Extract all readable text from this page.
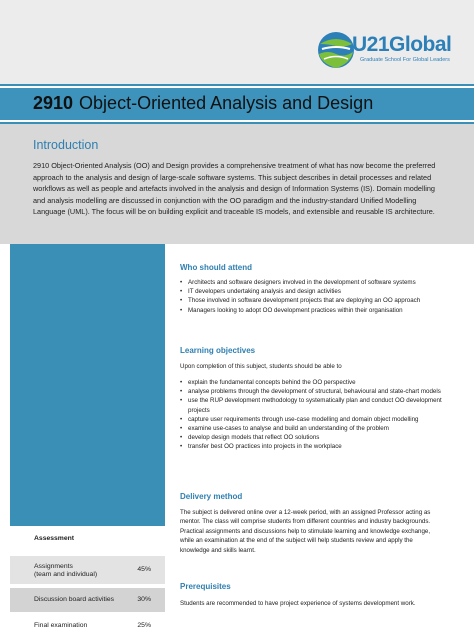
U21Global
Graduate School For Global Leaders
2910 Object-Oriented Analysis and Design
Introduction
2910 Object-Oriented Analysis (OO) and Design provides a comprehensive treatment of what has now become the preferred approach to the analysis and design of large-scale software systems. This subject describes in detail processes and related workflows as well as people and artefacts involved in the analysis and design of Information Systems (IS). Domain modelling and analysis modelling are discussed in conjunction with the OO paradigm and the industry-standard Unified Modelling Language (UML). The focus will be on building explicit and traceable IS models, and extensible and reusable IS architecture.
Assessment
Assignments
(team and individual)
45%
Discussion board activities	30%
Final examination	25%
Who should attend
• Architects and software designers involved in the development of software systems
• IT developers undertaking analysis and design activities
• Those involved in software development projects that are deploying an OO approach
• Managers looking to adopt OO development practices within their organisation
Learning objectives

Upon completion of this subject, students should be able to

• explain the fundamental concepts behind the OO perspective
• analyse problems through the development of structural, behavioural and state-chart models
• use the RUP development methodology to systematically plan and conduct OO development projects
• capture user requirements through use-case modelling and domain object modelling
• examine use-cases to analyse and build an understanding of the problem
• develop design models that reflect OO solutions
• transfer best OO practices into projects in the workplace
Delivery method

The subject is delivered online over a 12-week period, with an assigned Professor acting as mentor. The class will comprise students from different countries and industry backgrounds. Practical assignments and discussions help to stimulate learning and knowledge exchange, while an examination at the end of the subject will help students review and apply the knowledge and skills learnt.

Prerequisites

Students are recommended to have project experience of systems development work.
